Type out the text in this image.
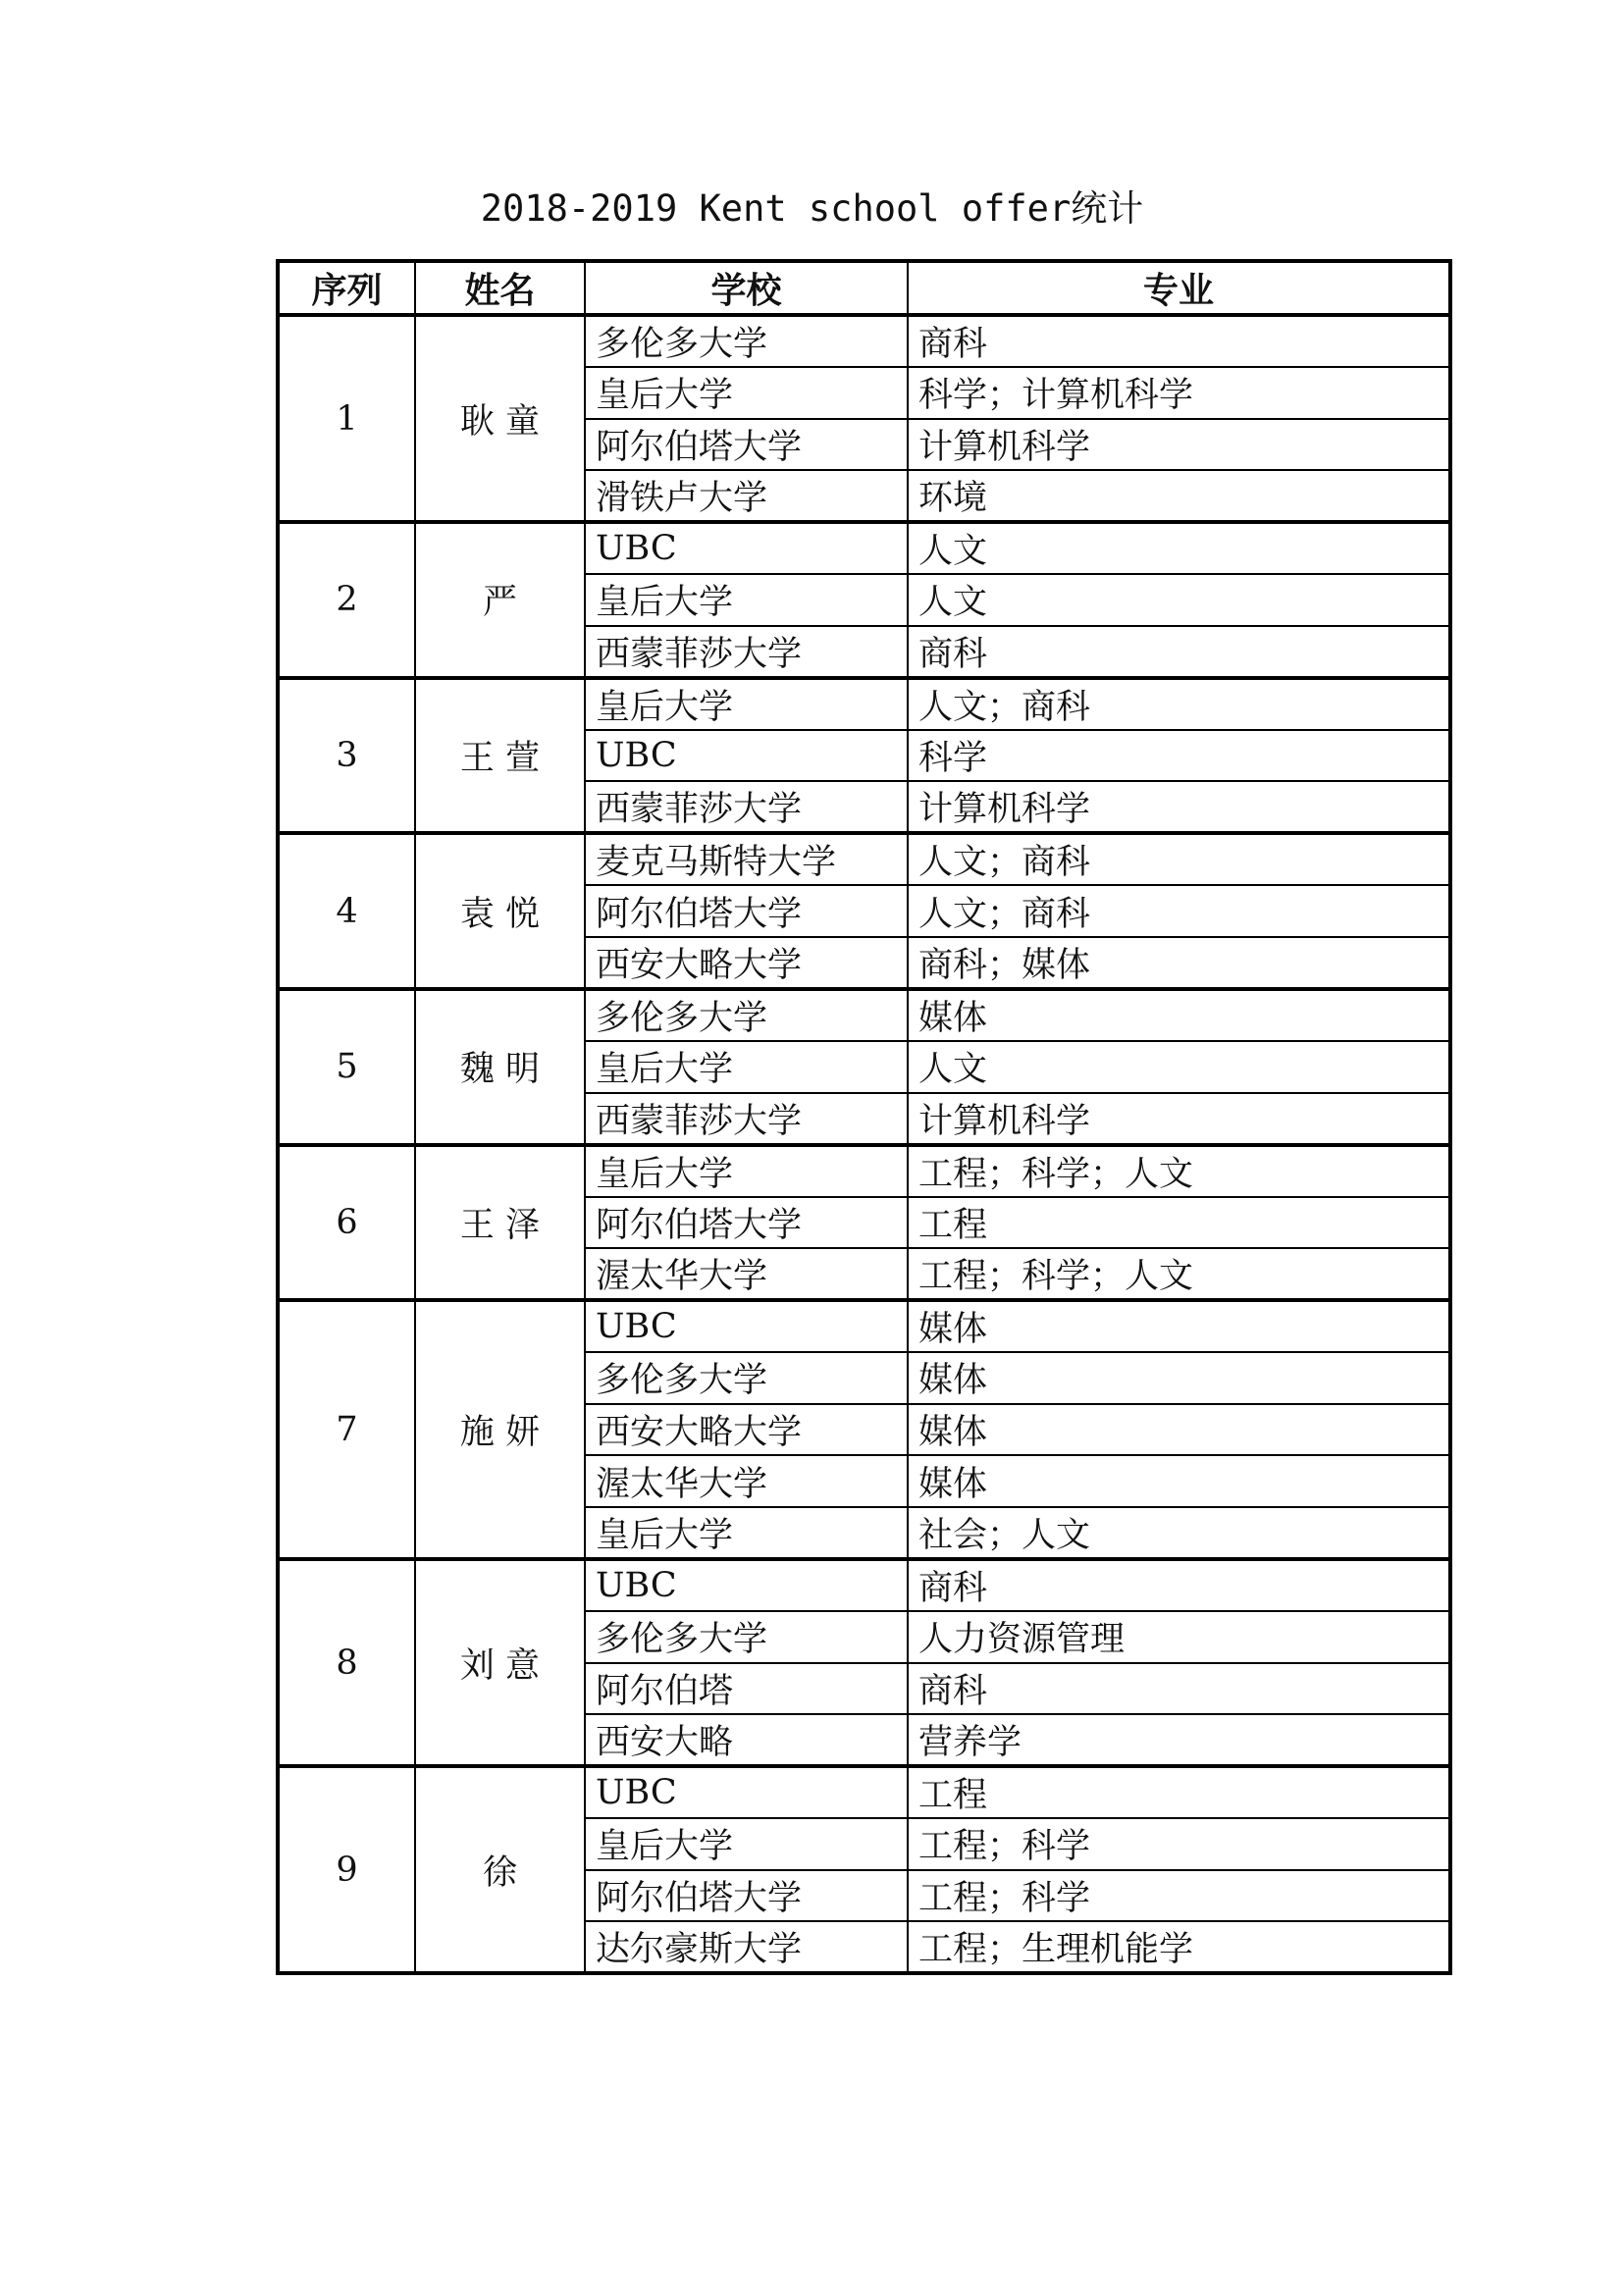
2018-2019 Kent school offer统计
序列	姓名	学校	专业
1	耿 童	多伦多大学	商科
		皇后大学	科学；计算机科学
		阿尔伯塔大学	计算机科学
		滑铁卢大学	环境
2	严	UBC	人文
		皇后大学	人文
		西蒙菲莎大学	商科
3	王 萱	皇后大学	人文；商科
		UBC	科学
		西蒙菲莎大学	计算机科学
4	袁 悦	麦克马斯特大学	人文；商科
		阿尔伯塔大学	人文；商科
		西安大略大学	商科；媒体
5	魏 明	多伦多大学	媒体
		皇后大学	人文
		西蒙菲莎大学	计算机科学
6	王 泽	皇后大学	工程；科学；人文
		阿尔伯塔大学	工程
		渥太华大学	工程；科学；人文
7	施 妍	UBC	媒体
		多伦多大学	媒体
		西安大略大学	媒体
		渥太华大学	媒体
		皇后大学	社会；人文
8	刘 意	UBC	商科
		多伦多大学	人力资源管理
		阿尔伯塔	商科
		西安大略	营养学
9	徐	UBC	工程
		皇后大学	工程；科学
		阿尔伯塔大学	工程；科学
		达尔豪斯大学	工程；生理机能学
